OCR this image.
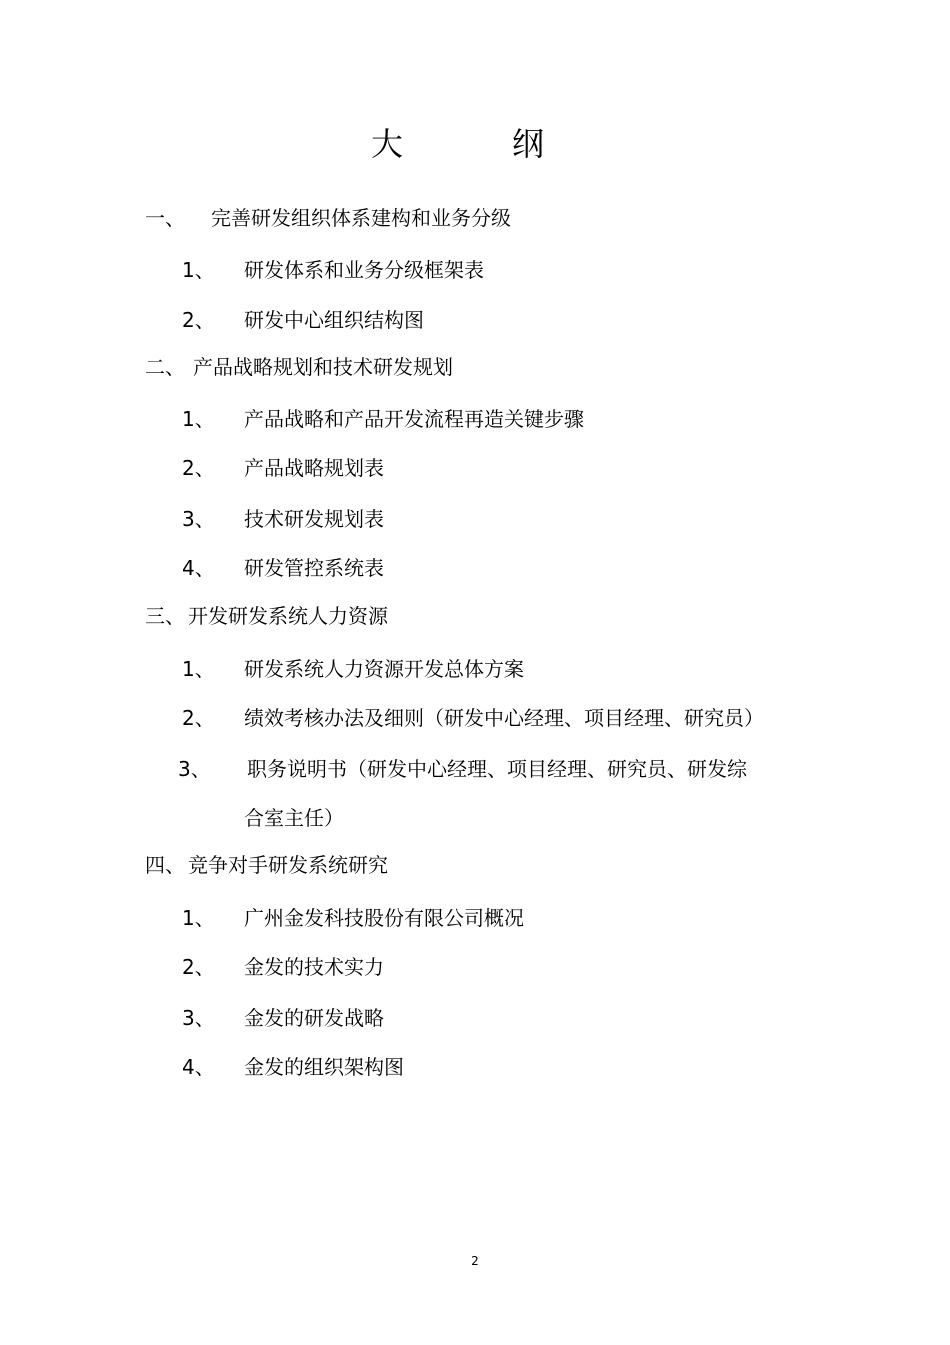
大	纲
一、 完善研发组织体系建构和业务分级
1、 研发体系和业务分级框架表
2、 研发中心组织结构图
二、 产品战略规划和技术研发规划
1、 产品战略和产品开发流程再造关键步骤
2、 产品战略规划表
3、 技术研发规划表
4、 研发管控系统表
三、 开发研发系统人力资源
1、 研发系统人力资源开发总体方案
2、 绩效考核办法及细则（研发中心经理、项目经理、研究员）
3、 职务说明书（研发中心经理、项目经理、研究员、研发综
合室主任）
四、 竞争对手研发系统研究
1、 广州金发科技股份有限公司概况
2、 金发的技术实力
3、 金发的研发战略
4、 金发的组织架构图
2
